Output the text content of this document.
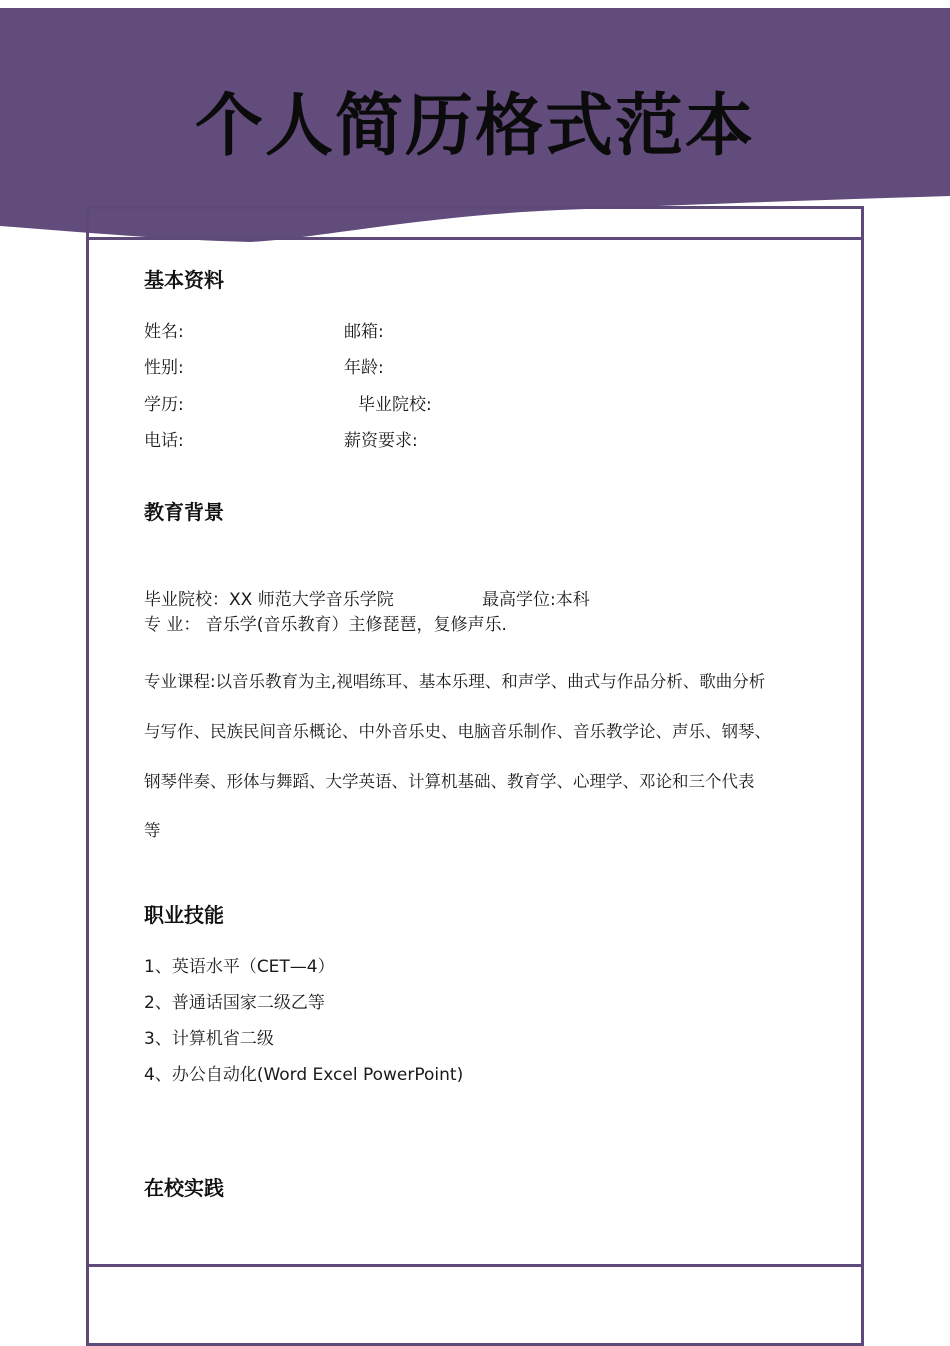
个人简历格式范本
基本资料
姓名:	邮箱:
性别:	年龄:
学历:	毕业院校:
电话:	薪资要求:
教育背景
毕业院校：XX 师范大学音乐学院	最高学位:本科
专 业： 音乐学(音乐教育）主修琵琶，复修声乐.
专业课程:以音乐教育为主,视唱练耳、基本乐理、和声学、曲式与作品分析、歌曲分析
与写作、民族民间音乐概论、中外音乐史、电脑音乐制作、音乐教学论、声乐、钢琴、
钢琴伴奏、形体与舞蹈、大学英语、计算机基础、教育学、心理学、邓论和三个代表
等
职业技能
1、英语水平（CET—4）
2、普通话国家二级乙等
3、计算机省二级
4、办公自动化(Word Excel PowerPoint)
在校实践
